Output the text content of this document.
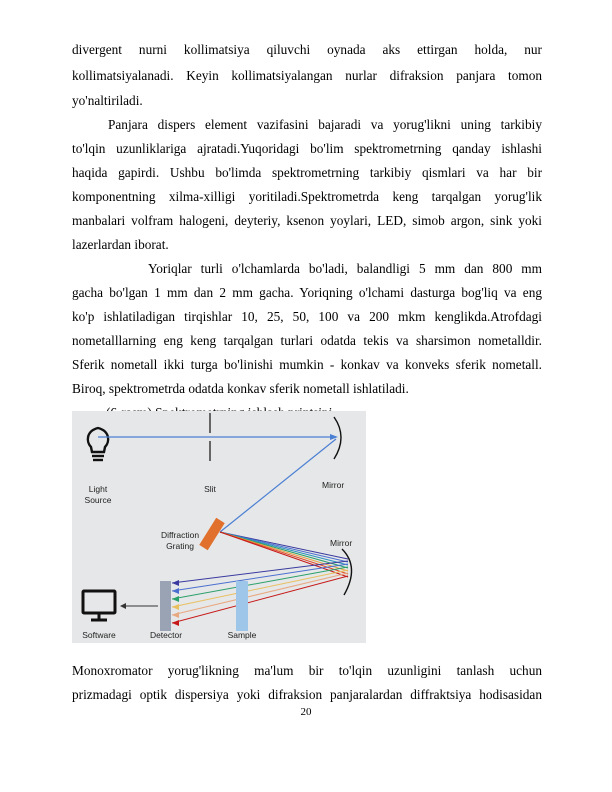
divergent nurni kollimatsiya qiluvchi oynada aks ettirgan holda, nur
kollimatsiyalanadi. Keyin kollimatsiyalangan nurlar difraksion panjara tomon
yo'naltiriladi.
Panjara dispers element vazifasini bajaradi va yorug'likni uning tarkibiy
to'lqin uzunliklariga ajratadi.Yuqoridagi bo'lim spektrometrning qanday ishlashi
haqida gapirdi. Ushbu bo'limda spektrometrning tarkibiy qismlari va har bir
komponentning xilma-xilligi yoritiladi.Spektrometrda keng tarqalgan yorug'lik
manbalari volfram halogeni, deyteriy, ksenon yoylari, LED, simob argon, sink yoki
lazerlardan iborat.
Yoriqlar turli o'lchamlarda bo'ladi, balandligi 5 mm dan 800 mm
gacha bo'lgan 1 mm dan 2 mm gacha. Yoriqning o'lchami dasturga bog'liq va eng
ko'p ishlatiladigan tirqishlar 10, 25, 50, 100 va 200 mkm kenglikda.Atrofdagi
nometalllarning eng keng tarqalgan turlari odatda tekis va sharsimon nometalldir.
Sferik nometall ikki turga bo'linishi mumkin - konkav va konveks sferik nometall.
Biroq, spektrometrda odatda konkav sferik nometall ishlatiladi.
Light
Source
Slit	Mirror
Diffraction
Grating	Mirror
Sample
Detector
Software
Monoxromator yorug'likning ma'lum bir to'lqin uzunligini tanlash uchun
prizmadagi optik dispersiya yoki difraksion panjaralardan diffraktsiya hodisasidan
20
